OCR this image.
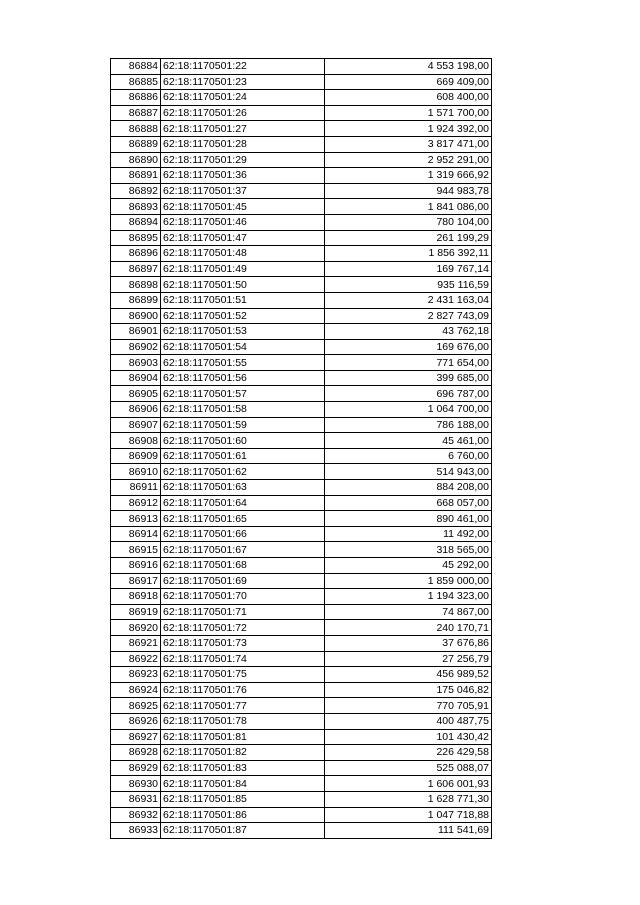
86884	62:18:1170501:22	4 553 198,00
86885	62:18:1170501:23	669 409,00
86886	62:18:1170501:24	608 400,00
86887	62:18:1170501:26	1 571 700,00
86888	62:18:1170501:27	1 924 392,00
86889	62:18:1170501:28	3 817 471,00
86890	62:18:1170501:29	2 952 291,00
86891	62:18:1170501:36	1 319 666,92
86892	62:18:1170501:37	944 983,78
86893	62:18:1170501:45	1 841 086,00
86894	62:18:1170501:46	780 104,00
86895	62:18:1170501:47	261 199,29
86896	62:18:1170501:48	1 856 392,11
86897	62:18:1170501:49	169 767,14
86898	62:18:1170501:50	935 116,59
86899	62:18:1170501:51	2 431 163,04
86900	62:18:1170501:52	2 827 743,09
86901	62:18:1170501:53	43 762,18
86902	62:18:1170501:54	169 676,00
86903	62:18:1170501:55	771 654,00
86904	62:18:1170501:56	399 685,00
86905	62:18:1170501:57	696 787,00
86906	62:18:1170501:58	1 064 700,00
86907	62:18:1170501:59	786 188,00
86908	62:18:1170501:60	45 461,00
86909	62:18:1170501:61	6 760,00
86910	62:18:1170501:62	514 943,00
86911	62:18:1170501:63	884 208,00
86912	62:18:1170501:64	668 057,00
86913	62:18:1170501:65	890 461,00
86914	62:18:1170501:66	11 492,00
86915	62:18:1170501:67	318 565,00
86916	62:18:1170501:68	45 292,00
86917	62:18:1170501:69	1 859 000,00
86918	62:18:1170501:70	1 194 323,00
86919	62:18:1170501:71	74 867,00
86920	62:18:1170501:72	240 170,71
86921	62:18:1170501:73	37 676,86
86922	62:18:1170501:74	27 256,79
86923	62:18:1170501:75	456 989,52
86924	62:18:1170501:76	175 046,82
86925	62:18:1170501:77	770 705,91
86926	62:18:1170501:78	400 487,75
86927	62:18:1170501:81	101 430,42
86928	62:18:1170501:82	226 429,58
86929	62:18:1170501:83	525 088,07
86930	62:18:1170501:84	1 606 001,93
86931	62:18:1170501:85	1 628 771,30
86932	62:18:1170501:86	1 047 718,88
86933	62:18:1170501:87	111 541,69
